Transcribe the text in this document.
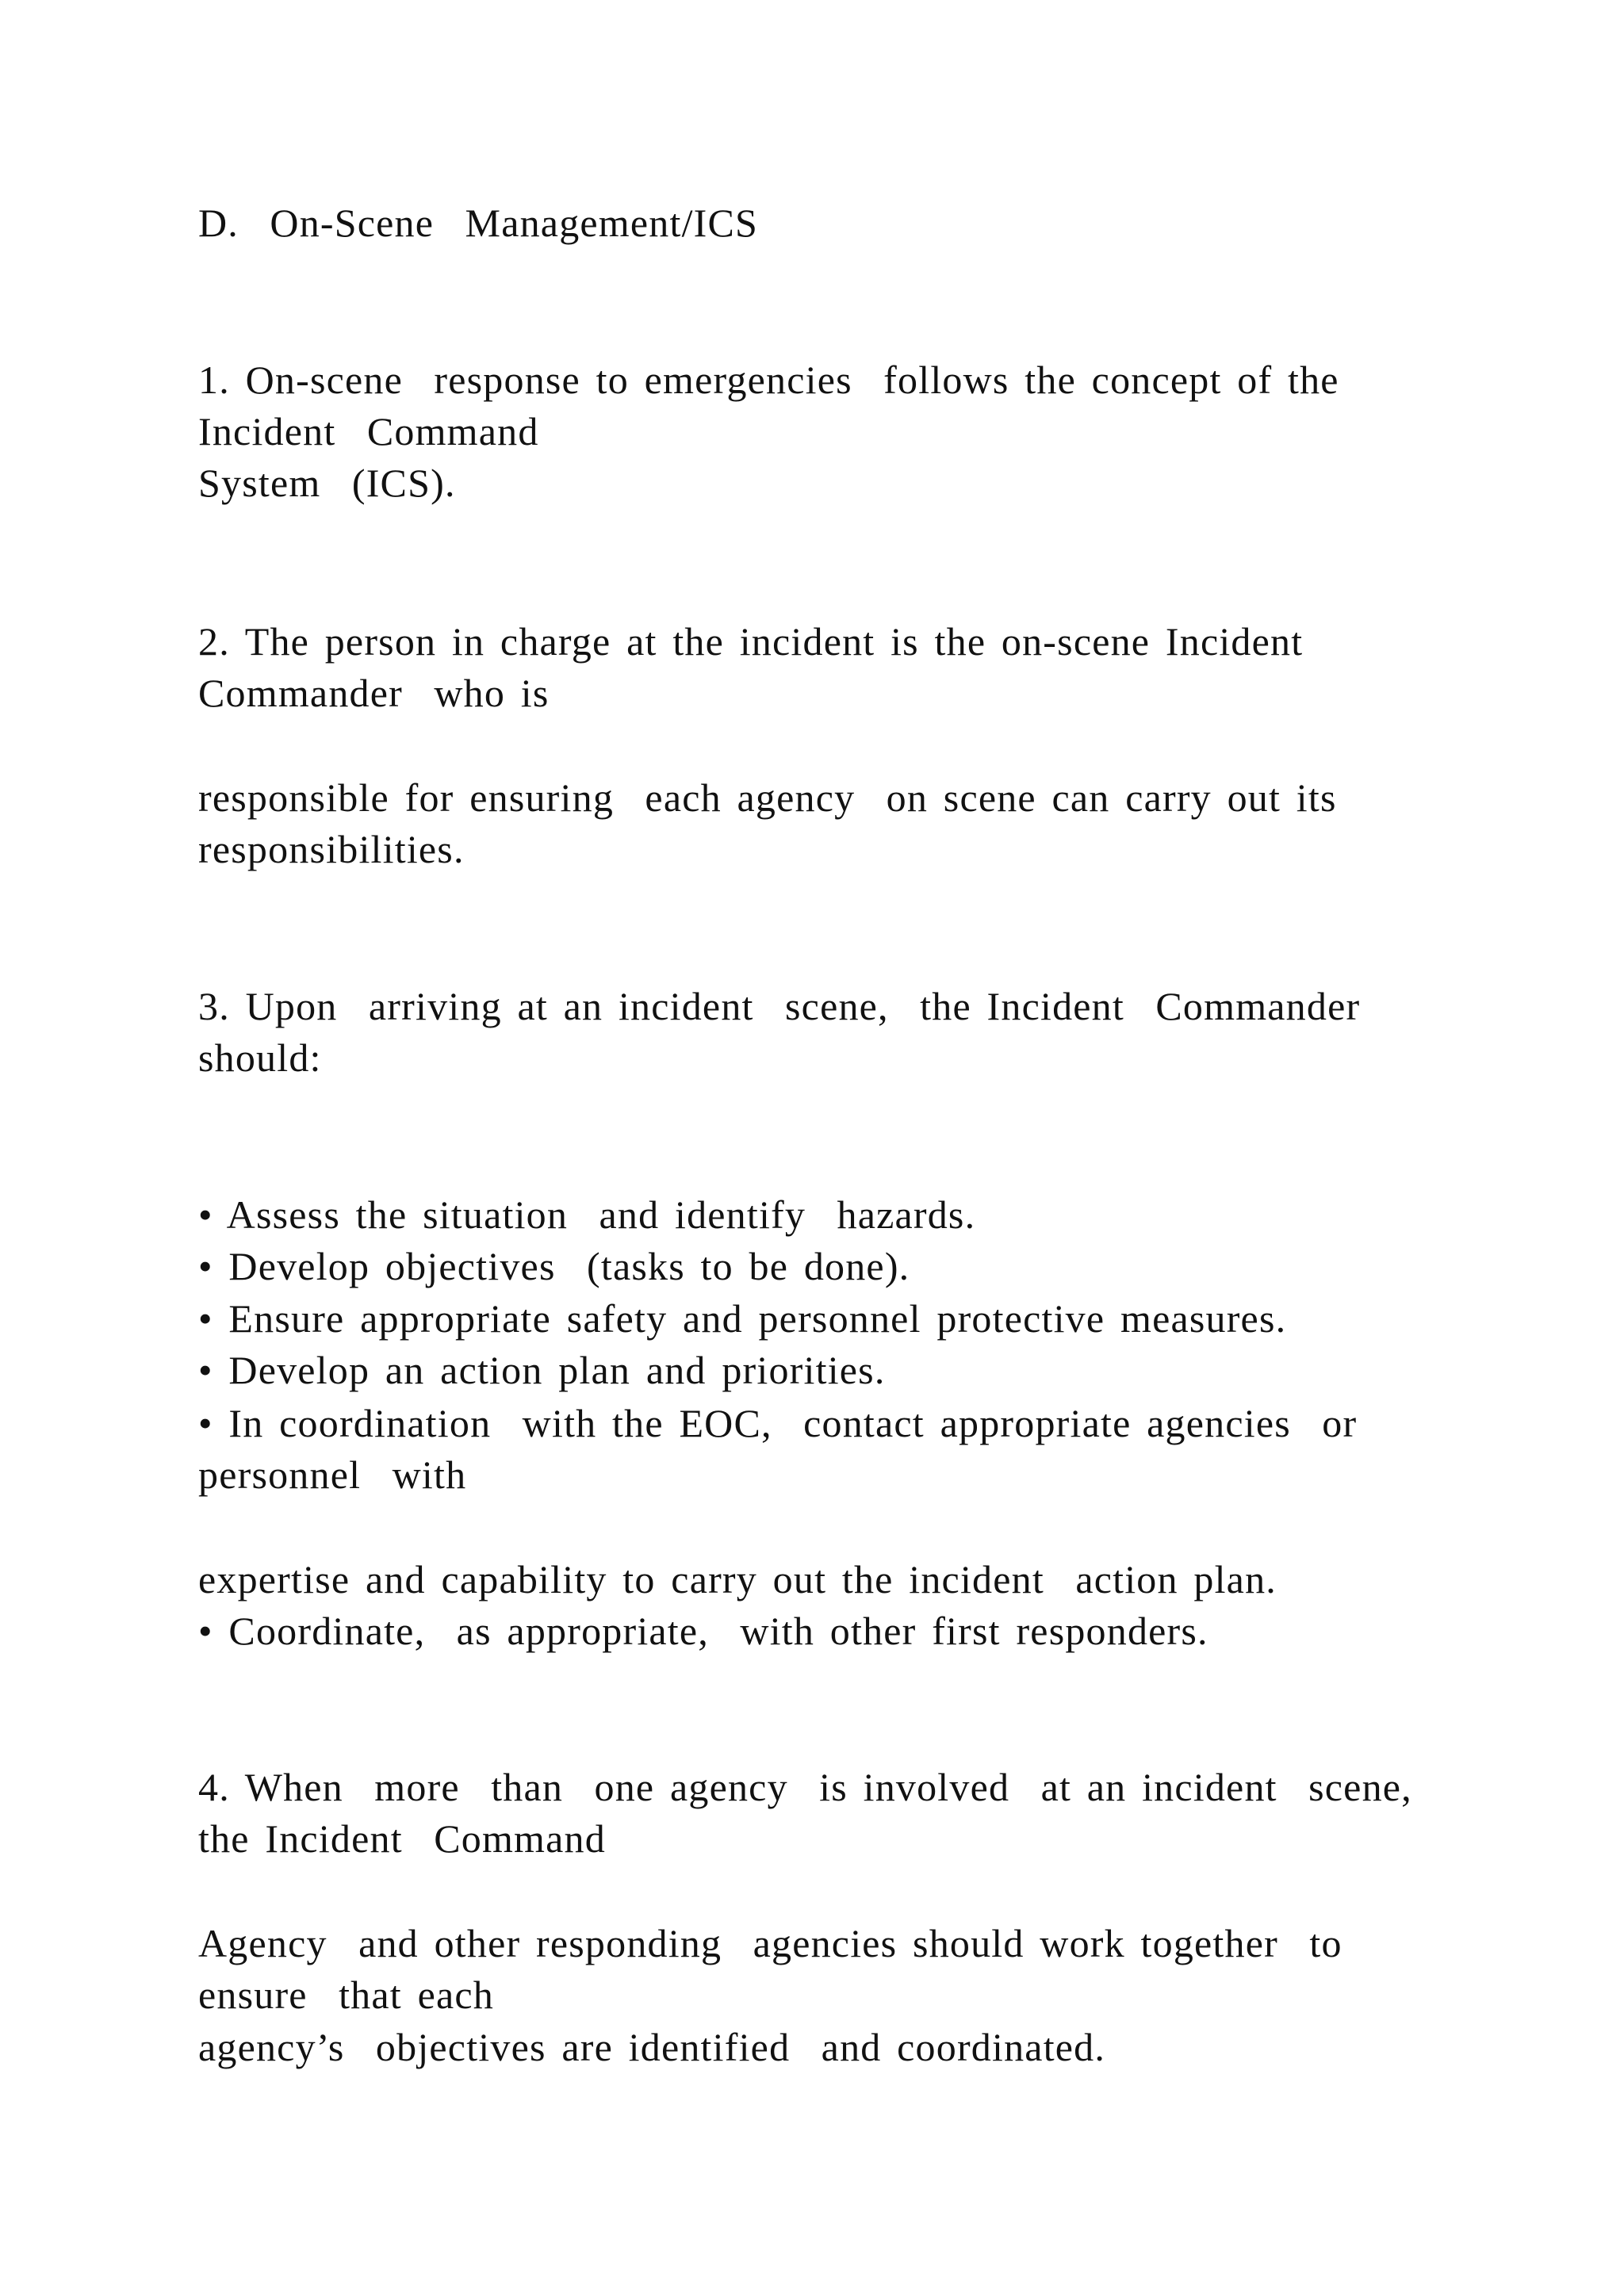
D.  On-Scene  Management/ICS
1. On-scene  response to emergencies  follows the concept of the
Incident  Command
System  (ICS).
2. The person in charge at the incident is the on-scene Incident
Commander  who is
responsible for ensuring  each agency  on scene can carry out its
responsibilities.
3. Upon  arriving at an incident  scene,  the Incident  Commander
should:
• Assess the situation  and identify  hazards.
• Develop objectives  (tasks to be done).
• Ensure appropriate safety and personnel protective measures.
• Develop an action plan and priorities.
• In coordination  with the EOC,  contact appropriate agencies  or
personnel  with
expertise and capability to carry out the incident  action plan.
• Coordinate,  as appropriate,  with other first responders.
4. When  more  than  one agency  is involved  at an incident  scene,
the Incident  Command
Agency  and other responding  agencies should work together  to
ensure  that each
agency’s  objectives are identified  and coordinated.
